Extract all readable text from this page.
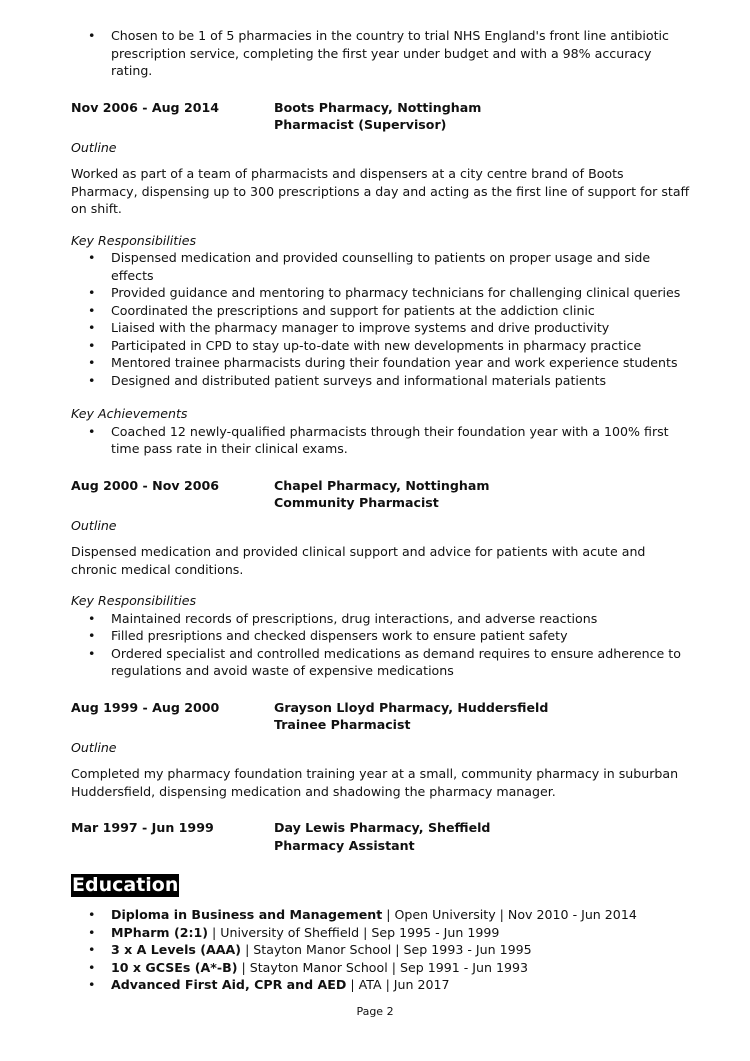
• Chosen to be 1 of 5 pharmacies in the country to trial NHS England's front line antibiotic prescription service, completing the first year under budget and with a 98% accuracy rating.
Nov 2006 - Aug 2014	Boots Pharmacy, Nottingham
Pharmacist (Supervisor)
Outline
Worked as part of a team of pharmacists and dispensers at a city centre brand of Boots Pharmacy, dispensing up to 300 prescriptions a day and acting as the first line of support for staff on shift.
Key Responsibilities
• Dispensed medication and provided counselling to patients on proper usage and side effects
• Provided guidance and mentoring to pharmacy technicians for challenging clinical queries
• Coordinated the prescriptions and support for patients at the addiction clinic
• Liaised with the pharmacy manager to improve systems and drive productivity
• Participated in CPD to stay up-to-date with new developments in pharmacy practice
• Mentored trainee pharmacists during their foundation year and work experience students
• Designed and distributed patient surveys and informational materials patients
Key Achievements
• Coached 12 newly-qualified pharmacists through their foundation year with a 100% first time pass rate in their clinical exams.
Aug 2000 - Nov 2006	Chapel Pharmacy, Nottingham
Community Pharmacist
Outline
Dispensed medication and provided clinical support and advice for patients with acute and chronic medical conditions.
Key Responsibilities
• Maintained records of prescriptions, drug interactions, and adverse reactions
• Filled presriptions and checked dispensers work to ensure patient safety
• Ordered specialist and controlled medications as demand requires to ensure adherence to regulations and avoid waste of expensive medications
Aug 1999 - Aug 2000	Grayson Lloyd Pharmacy, Huddersfield
Trainee Pharmacist
Outline
Completed my pharmacy foundation training year at a small, community pharmacy in suburban Huddersfield, dispensing medication and shadowing the pharmacy manager.
Mar 1997 - Jun 1999	Day Lewis Pharmacy, Sheffield
Pharmacy Assistant
Education
• Diploma in Business and Management | Open University | Nov 2010 - Jun 2014
• MPharm (2:1) | University of Sheffield | Sep 1995 - Jun 1999
• 3 x A Levels (AAA) | Stayton Manor School | Sep 1993 - Jun 1995
• 10 x GCSEs (A*-B) | Stayton Manor School | Sep 1991 - Jun 1993
• Advanced First Aid, CPR and AED | ATA | Jun 2017
Page 2
